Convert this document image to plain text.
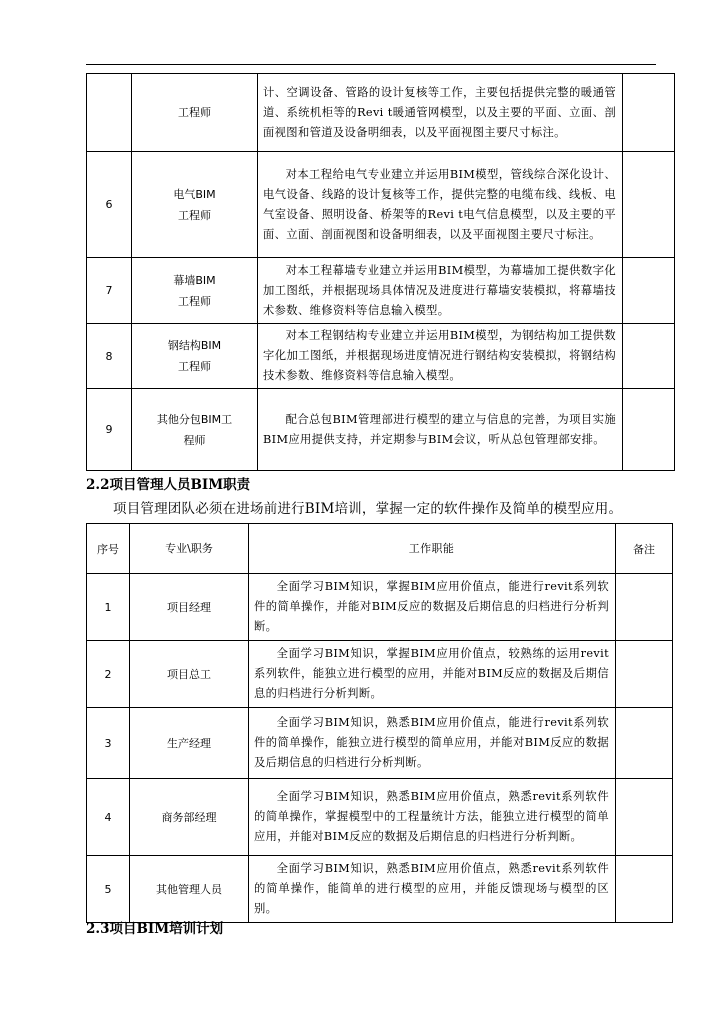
	工程师	计、空调设备、管路的设计复核等工作，主要包括提供完整的暖通管道、系统机柜等的Revi t暖通管网模型，以及主要的平面、立面、剖面视图和管道及设备明细表，以及平面视图主要尺寸标注。	
6	电气BIM工程师	对本工程给电气专业建立并运用BIM模型，管线综合深化设计、电气设备、线路的设计复核等工作，提供完整的电缆布线、线板、电气室设备、照明设备、桥架等的Revi t电气信息模型，以及主要的平面、立面、剖面视图和设备明细表，以及平面视图主要尺寸标注。	
7	幕墙BIM工程师	对本工程幕墙专业建立并运用BIM模型，为幕墙加工提供数字化加工图纸，并根据现场具体情况及进度进行幕墙安装模拟，将幕墙技术参数、维修资料等信息输入模型。	
8	钢结构BIM工程师	对本工程钢结构专业建立并运用BIM模型，为钢结构加工提供数字化加工图纸，并根据现场进度情况进行钢结构安装模拟，将钢结构技术参数、维修资料等信息输入模型。	
9	其他分包BIM工程师	配合总包BIM管理部进行模型的建立与信息的完善，为项目实施BIM应用提供支持，并定期参与BIM会议，听从总包管理部安排。	
2.2项目管理人员BIM职责
项目管理团队必须在进场前进行BIM培训，掌握一定的软件操作及简单的模型应用。
序号	专业\职务	工作职能	备注
1	项目经理	全面学习BIM知识，掌握BIM应用价值点，能进行revit系列软件的简单操作，并能对BIM反应的数据及后期信息的归档进行分析判断。	
2	项目总工	全面学习BIM知识，掌握BIM应用价值点，较熟练的运用revit系列软件，能独立进行模型的应用，并能对BIM反应的数据及后期信息的归档进行分析判断。	
3	生产经理	全面学习BIM知识，熟悉BIM应用价值点，能进行revit系列软件的简单操作，能独立进行模型的简单应用，并能对BIM反应的数据及后期信息的归档进行分析判断。	
4	商务部经理	全面学习BIM知识，熟悉BIM应用价值点，熟悉revit系列软件的简单操作，掌握模型中的工程量统计方法，能独立进行模型的简单应用，并能对BIM反应的数据及后期信息的归档进行分析判断。	
5	其他管理人员	全面学习BIM知识，熟悉BIM应用价值点，熟悉revit系列软件的简单操作，能简单的进行模型的应用，并能反馈现场与模型的区别。	
2.3项目BIM培训计划
